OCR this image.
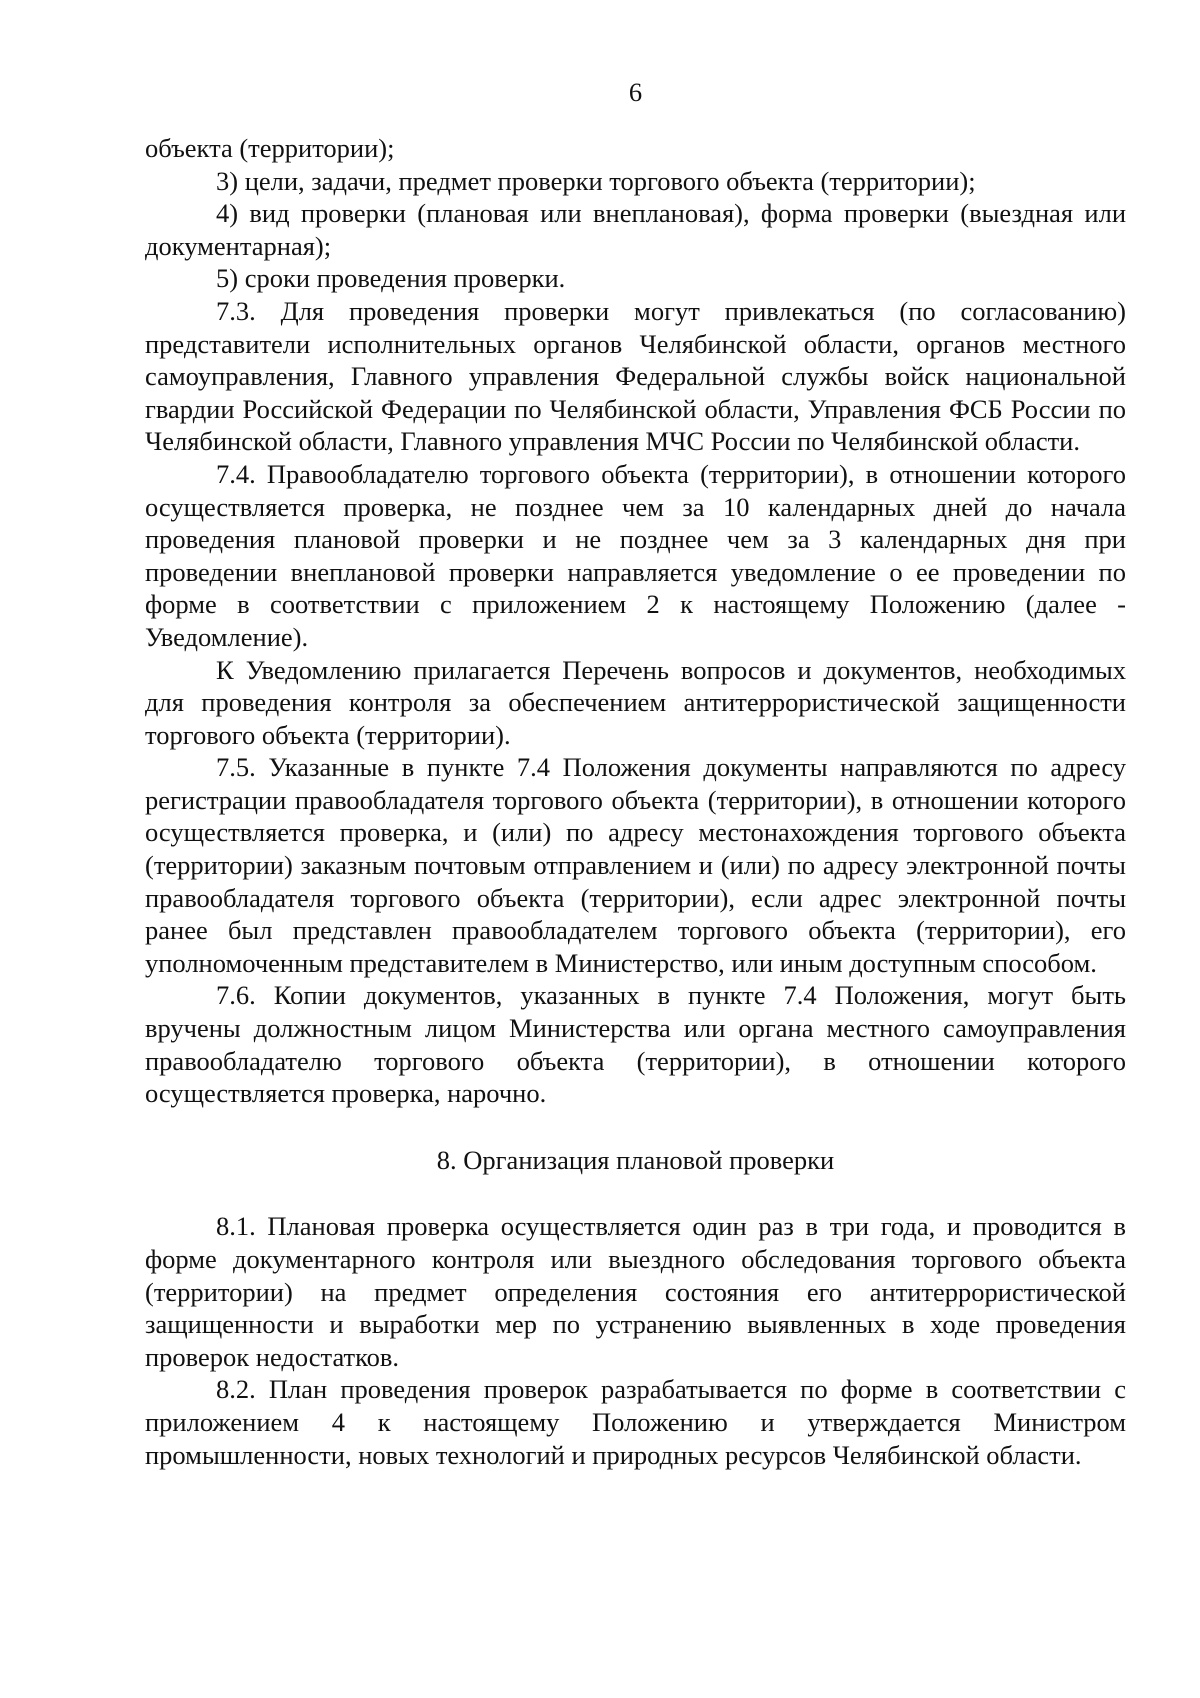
6

объекта (территории);

3) цели, задачи, предмет проверки торгового объекта (территории);

4) вид проверки (плановая или внеплановая), форма проверки (выездная или документарная);

5) сроки проведения проверки.

7.3. Для проведения проверки могут привлекаться (по согласованию) представители исполнительных органов Челябинской области, органов местного самоуправления, Главного управления Федеральной службы войск национальной гвардии Российской Федерации по Челябинской области, Управления ФСБ России по Челябинской области, Главного управления МЧС России по Челябинской области.

7.4. Правообладателю торгового объекта (территории), в отношении которого осуществляется проверка, не позднее чем за 10 календарных дней до начала проведения плановой проверки и не позднее чем за 3 календарных дня при проведении внеплановой проверки направляется уведомление о ее проведении по форме в соответствии с приложением 2 к настоящему Положению (далее - Уведомление).

К Уведомлению прилагается Перечень вопросов и документов, необходимых для проведения контроля за обеспечением антитеррористической защищенности торгового объекта (территории).

7.5. Указанные в пункте 7.4 Положения документы направляются по адресу регистрации правообладателя торгового объекта (территории), в отношении которого осуществляется проверка, и (или) по адресу местонахождения торгового объекта (территории) заказным почтовым отправлением и (или) по адресу электронной почты правообладателя торгового объекта (территории), если адрес электронной почты ранее был представлен правообладателем торгового объекта (территории), его уполномоченным представителем в Министерство, или иным доступным способом.

7.6. Копии документов, указанных в пункте 7.4 Положения, могут быть вручены должностным лицом Министерства или органа местного самоуправления правообладателю торгового объекта (территории), в отношении которого осуществляется проверка, нарочно.

8. Организация плановой проверки

8.1. Плановая проверка осуществляется один раз в три года, и проводится в форме документарного контроля или выездного обследования торгового объекта (территории) на предмет определения состояния его антитеррористической защищенности и выработки мер по устранению выявленных в ходе проведения проверок недостатков.

8.2. План проведения проверок разрабатывается по форме в соответствии с приложением 4 к настоящему Положению и утверждается Министром промышленности, новых технологий и природных ресурсов Челябинской области.
